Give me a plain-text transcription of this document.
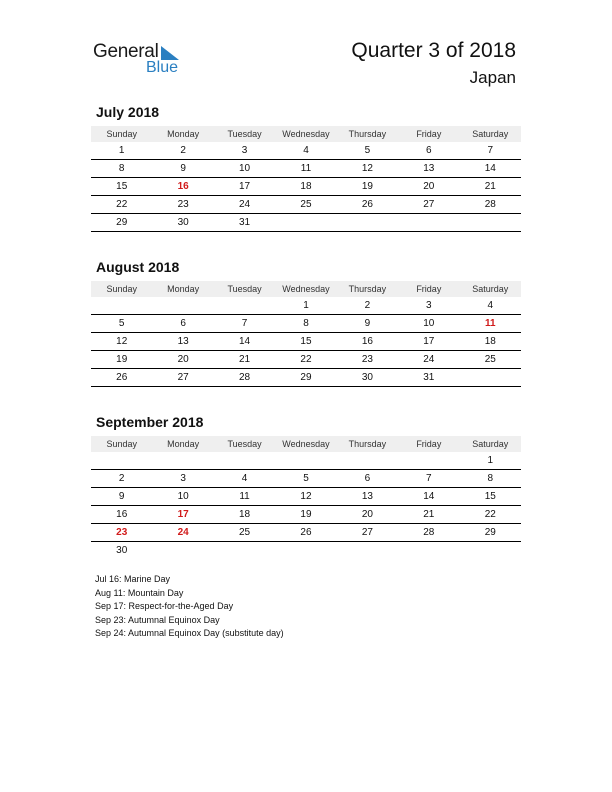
General
Blue
Quarter 3 of 2018
Japan
July 2018
Sunday	Monday	Tuesday	Wednesday	Thursday	Friday	Saturday
1	2	3	4	5	6	7
8	9	10	11	12	13	14
15	16	17	18	19	20	21
22	23	24	25	26	27	28
29	30	31				
August 2018
Sunday	Monday	Tuesday	Wednesday	Thursday	Friday	Saturday
			1	2	3	4
5	6	7	8	9	10	11
12	13	14	15	16	17	18
19	20	21	22	23	24	25
26	27	28	29	30	31	
September 2018
Sunday	Monday	Tuesday	Wednesday	Thursday	Friday	Saturday
						1
2	3	4	5	6	7	8
9	10	11	12	13	14	15
16	17	18	19	20	21	22
23	24	25	26	27	28	29
30						
Jul 16: Marine Day
Aug 11: Mountain Day
Sep 17: Respect-for-the-Aged Day
Sep 23: Autumnal Equinox Day
Sep 24: Autumnal Equinox Day (substitute day)
